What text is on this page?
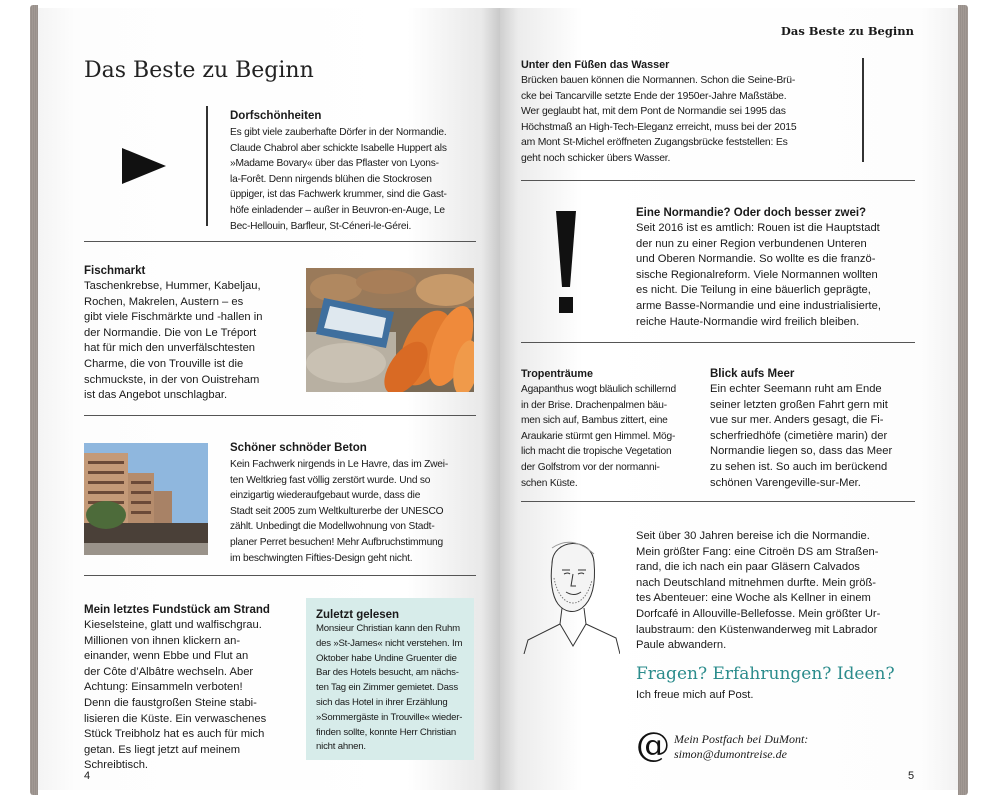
Das Beste zu Beginn
Dorfschönheiten
Es gibt viele zauberhafte Dörfer in der Normandie.
Claude Chabrol aber schickte Isabelle Huppert als
»Madame Bovary« über das Pflaster von Lyons-
la-Forêt. Denn nirgends blühen die Stockrosen
üppiger, ist das Fachwerk krummer, sind die Gast-
höfe einladender – außer in Beuvron-en-Auge, Le
Bec-Hellouin, Barfleur, St-Céneri-le-Gérei.
Fischmarkt
Taschenkrebse, Hummer, Kabeljau,
Rochen, Makrelen, Austern – es
gibt viele Fischmärkte und -hallen in
der Normandie. Die von Le Tréport
hat für mich den unverfälschtesten
Charme, die von Trouville ist die
schmuckste, in der von Ouistreham
ist das Angebot unschlagbar.
Schöner schnöder Beton
Kein Fachwerk nirgends in Le Havre, das im Zwei-
ten Weltkrieg fast völlig zerstört wurde. Und so
einzigartig wiederaufgebaut wurde, dass die
Stadt seit 2005 zum Weltkulturerbe der UNESCO
zählt. Unbedingt die Modellwohnung von Stadt-
planer Perret besuchen! Mehr Aufbruchstimmung
im beschwingten Fifties-Design geht nicht.
Mein letztes Fundstück am Strand
Kieselsteine, glatt und walfischgrau.
Millionen von ihnen klickern an-
einander, wenn Ebbe und Flut an
der Côte d’Albâtre wechseln. Aber
Achtung: Einsammeln verboten!
Denn die faustgroßen Steine stabi-
lisieren die Küste. Ein verwaschenes
Stück Treibholz hat es auch für mich
getan. Es liegt jetzt auf meinem
Schreibtisch.
Zuletzt gelesen
Monsieur Christian kann den Ruhm
des »St-James« nicht verstehen. Im
Oktober habe Undine Gruenter die
Bar des Hotels besucht, am nächs-
ten Tag ein Zimmer gemietet. Dass
sich das Hotel in ihrer Erzählung
»Sommergäste in Trouville« wieder-
finden sollte, konnte Herr Christian
nicht ahnen.
4
Das Beste zu Beginn
Unter den Füßen das Wasser
Brücken bauen können die Normannen. Schon die Seine-Brü-
cke bei Tancarville setzte Ende der 1950er-Jahre Maßstäbe.
Wer geglaubt hat, mit dem Pont de Normandie sei 1995 das
Höchstmaß an High-Tech-Eleganz erreicht, muss bei der 2015
am Mont St-Michel eröffneten Zugangsbrücke feststellen: Es
geht noch schicker übers Wasser.
Eine Normandie? Oder doch besser zwei?
Seit 2016 ist es amtlich: Rouen ist die Hauptstadt
der nun zu einer Region verbundenen Unteren
und Oberen Normandie. So wollte es die franzö-
sische Regionalreform. Viele Normannen wollten
es nicht. Die Teilung in eine bäuerlich geprägte,
arme Basse-Normandie und eine industrialisierte,
reiche Haute-Normandie wird freilich bleiben.
Tropenträume
Agapanthus wogt bläulich schillernd
in der Brise. Drachenpalmen bäu-
men sich auf, Bambus zittert, eine
Araukarie stürmt gen Himmel. Mög-
lich macht die tropische Vegetation
der Golfstrom vor der normanni-
schen Küste.
Blick aufs Meer
Ein echter Seemann ruht am Ende
seiner letzten großen Fahrt gern mit
vue sur mer. Anders gesagt, die Fi-
scherfriedhöfe (cimetière marin) der
Normandie liegen so, dass das Meer
zu sehen ist. So auch im berückend
schönen Varengeville-sur-Mer.
Seit über 30 Jahren bereise ich die Normandie.
Mein größter Fang: eine Citroën DS am Straßen-
rand, die ich nach ein paar Gläsern Calvados
nach Deutschland mitnehmen durfte. Mein größ-
tes Abenteuer: eine Woche als Kellner in einem
Dorfcafé in Allouville-Bellefosse. Mein größter Ur-
laubstraum: den Küstenwanderweg mit Labrador
Paule abwandern.
Fragen? Erfahrungen? Ideen?
Ich freue mich auf Post.
@ Mein Postfach bei DuMont:
simon@dumontreise.de
5
